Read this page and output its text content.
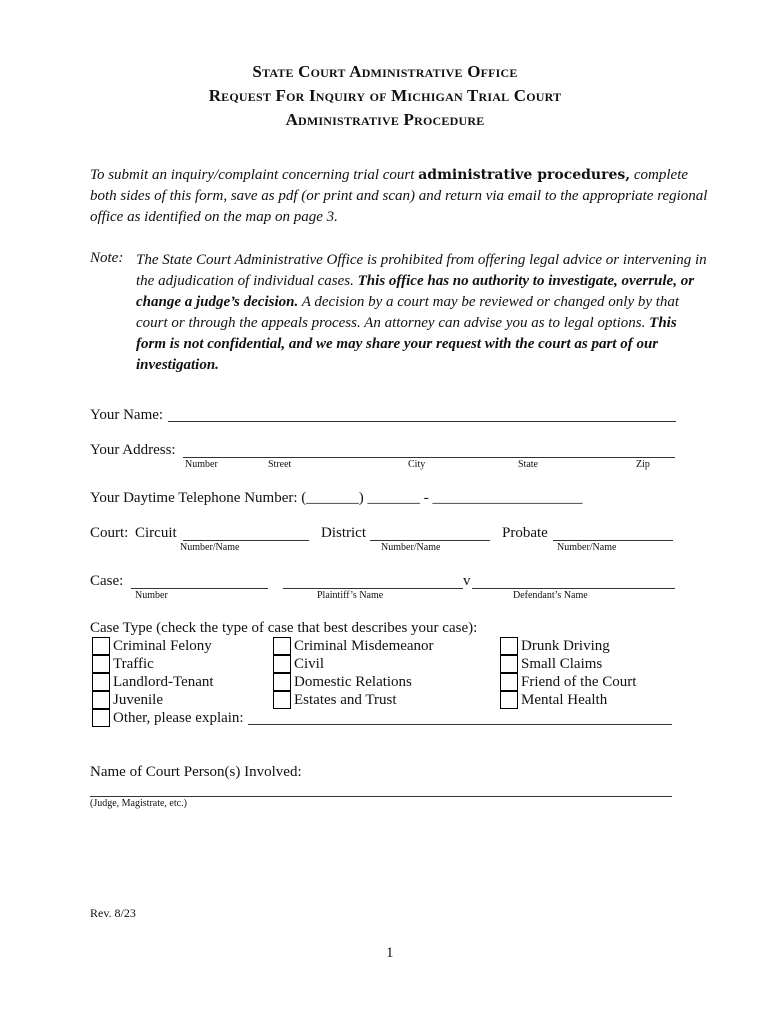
State Court Administrative Office
Request For Inquiry of Michigan Trial Court
Administrative Procedure
To submit an inquiry/complaint concerning trial court administrative procedures, complete both sides of this form, save as pdf (or print and scan) and return via email to the appropriate regional office as identified on the map on page 3.
Note: The State Court Administrative Office is prohibited from offering legal advice or intervening in the adjudication of individual cases. This office has no authority to investigate, overrule, or change a judge’s decision. A decision by a court may be reviewed or changed only by that court or through the appeals process. An attorney can advise you as to legal options. This form is not confidential, and we may share your request with the court as part of our investigation.
Your Name:
Your Address:
Number	Street	City	State	Zip
Your Daytime Telephone Number: (_______) _______ - ____________________
Court: Circuit
Number/Name
District
Number/Name
Probate
Number/Name
Case:
Number	Plaintiff’s Name
v
Defendant’s Name
Case Type (check the type of case that best describes your case):
Criminal Felony
Traffic
Landlord-Tenant
Juvenile
Criminal Misdemeanor
Civil
Domestic Relations
Estates and Trust
Drunk Driving
Small Claims
Friend of the Court
Mental Health
Other, please explain:
Name of Court Person(s) Involved:
(Judge, Magistrate, etc.)
Rev. 8/23
1
